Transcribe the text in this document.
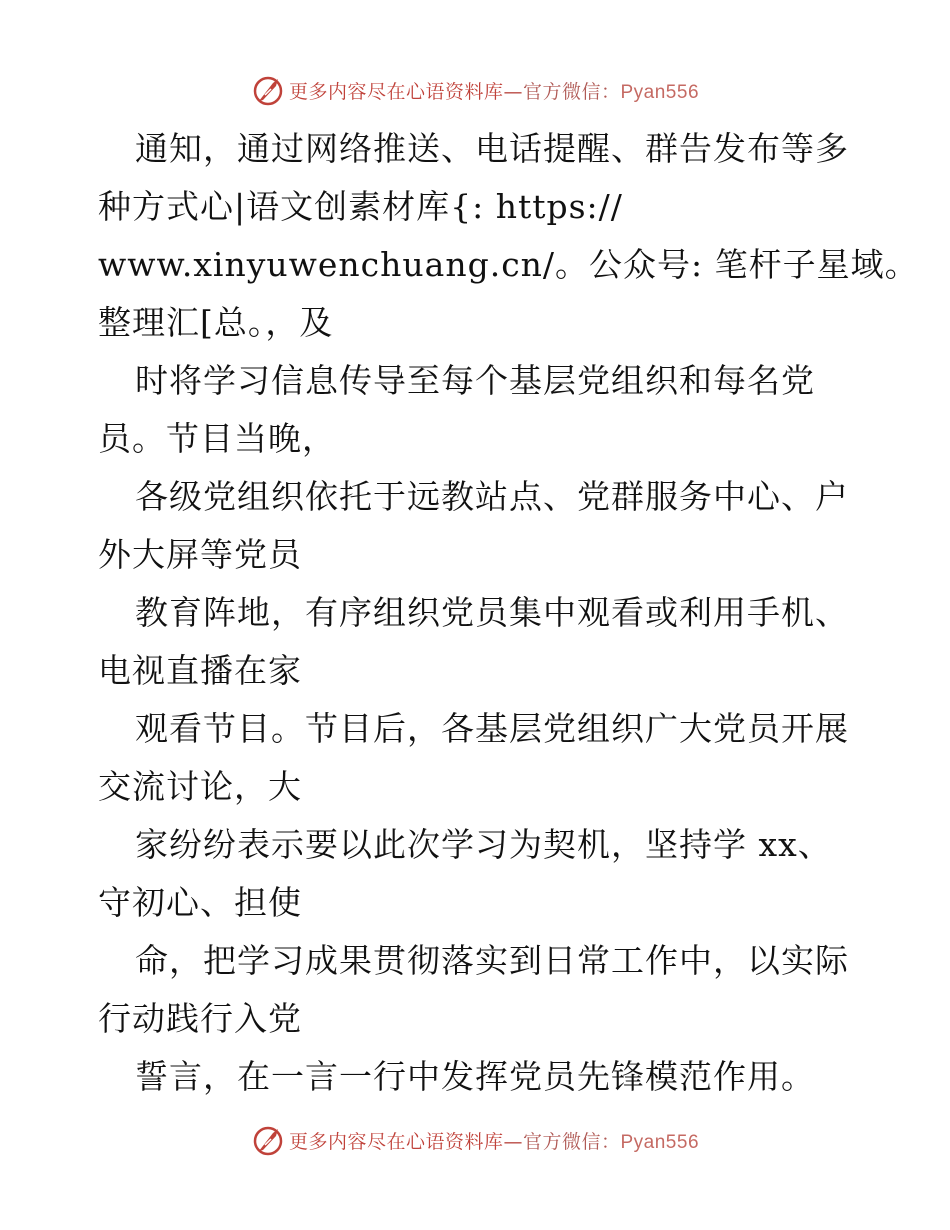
更多内容尽在心语资料库—官方微信：Pyan556
通知，通过网络推送、电话提醒、群告发布等多
种方式心|语文创素材库{: https://
www.xinyuwenchuang.cn/。公众号: 笔杆子星域。
整理汇[总。，及
时将学习信息传导至每个基层党组织和每名党
员。节目当晚，
各级党组织依托于远教站点、党群服务中心、户
外大屏等党员
教育阵地，有序组织党员集中观看或利用手机、
电视直播在家
观看节目。节目后，各基层党组织广大党员开展
交流讨论，大
家纷纷表示要以此次学习为契机，坚持学 xx、
守初心、担使
命，把学习成果贯彻落实到日常工作中，以实际
行动践行入党
誓言，在一言一行中发挥党员先锋模范作用。
更多内容尽在心语资料库—官方微信：Pyan556
